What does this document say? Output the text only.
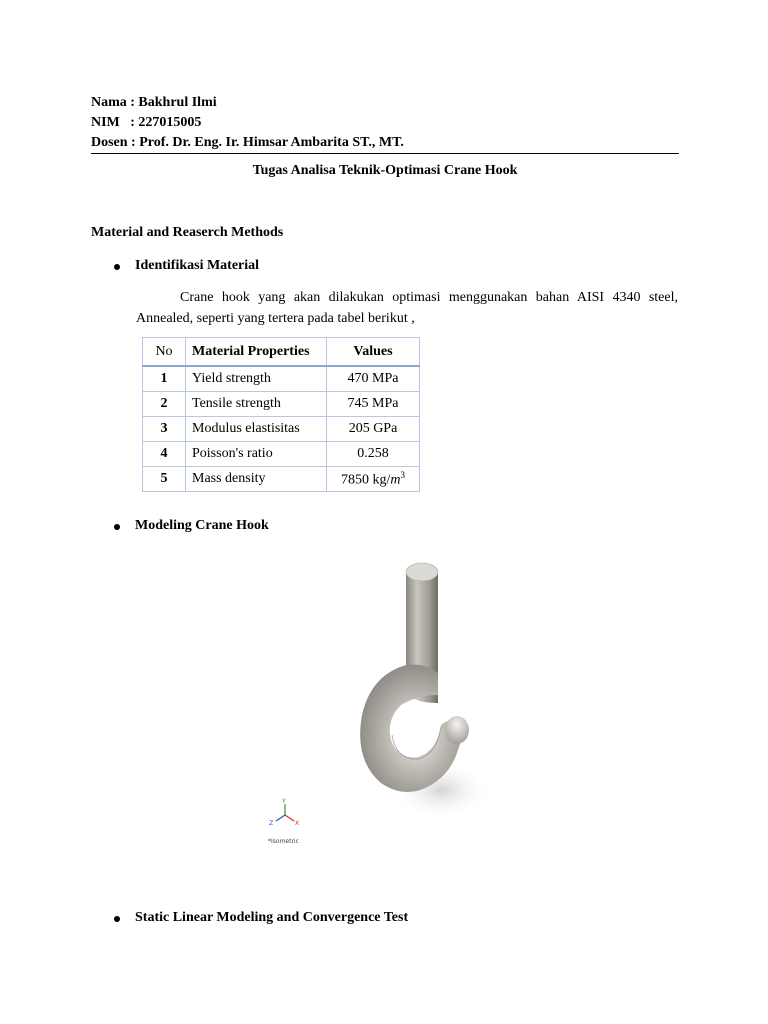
Nama : Bakhrul Ilmi
NIM   : 227015005
Dosen : Prof. Dr. Eng. Ir. Himsar Ambarita ST., MT.
Tugas Analisa Teknik-Optimasi Crane Hook
Material and Reaserch Methods
Identifikasi Material
Crane hook yang akan dilakukan optimasi menggunakan bahan AISI 4340 steel, Annealed, seperti yang tertera pada tabel berikut ,
No	Material Properties	Values
1	Yield strength	470 MPa
2	Tensile strength	745 MPa
3	Modulus elastisitas	205 GPa
4	Poisson's ratio	0.258
5	Mass density	7850 $kg/m^3$
Modeling Crane Hook
Y
X
Z
*Isometric
Static Linear Modeling and Convergence Test
